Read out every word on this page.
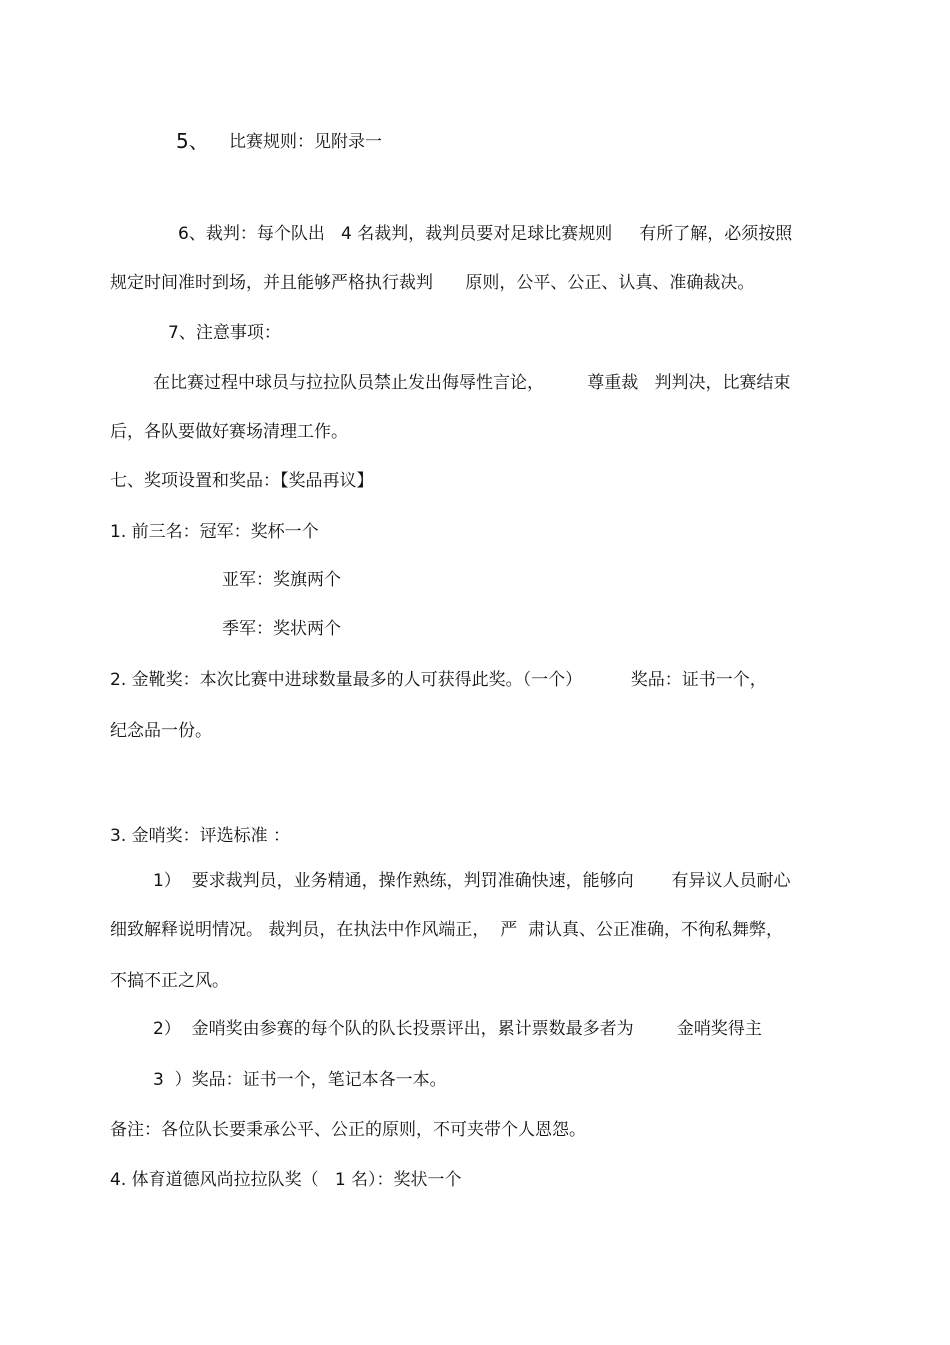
5、 比赛规则：见附录一

6、裁判：每个队出   4 名裁判，裁判员要对足球比赛规则     有所了解，必须按照

规定时间准时到场，并且能够严格执行裁判      原则，公平、公正、认真、准确裁决。

7、注意事项：

在比赛过程中球员与拉拉队员禁止发出侮辱性言论，        尊重裁   判判决，比赛结束

后，各队要做好赛场清理工作。

七、奖项设置和奖品：【奖品再议】

1. 前三名：冠军：奖杯一个

亚军：奖旗两个

季军：奖状两个

2. 金靴奖：本次比赛中进球数量最多的人可获得此奖。（一个）         奖品：证书一个，

纪念品一份。

3. 金哨奖：评选标准 ：

1）  要求裁判员，业务精通，操作熟练，判罚准确快速，能够向       有异议人员耐心

细致解释说明情况。 裁判员，在执法中作风端正，  严  肃认真、公正准确，不徇私舞弊，

不搞不正之风。

2）  金哨奖由参赛的每个队的队长投票评出，累计票数最多者为        金哨奖得主

3  ）奖品：证书一个，笔记本各一本。

备注：各位队长要秉承公平、公正的原则，不可夹带个人恩怨。

4. 体育道德风尚拉拉队奖（   1 名）：奖状一个
